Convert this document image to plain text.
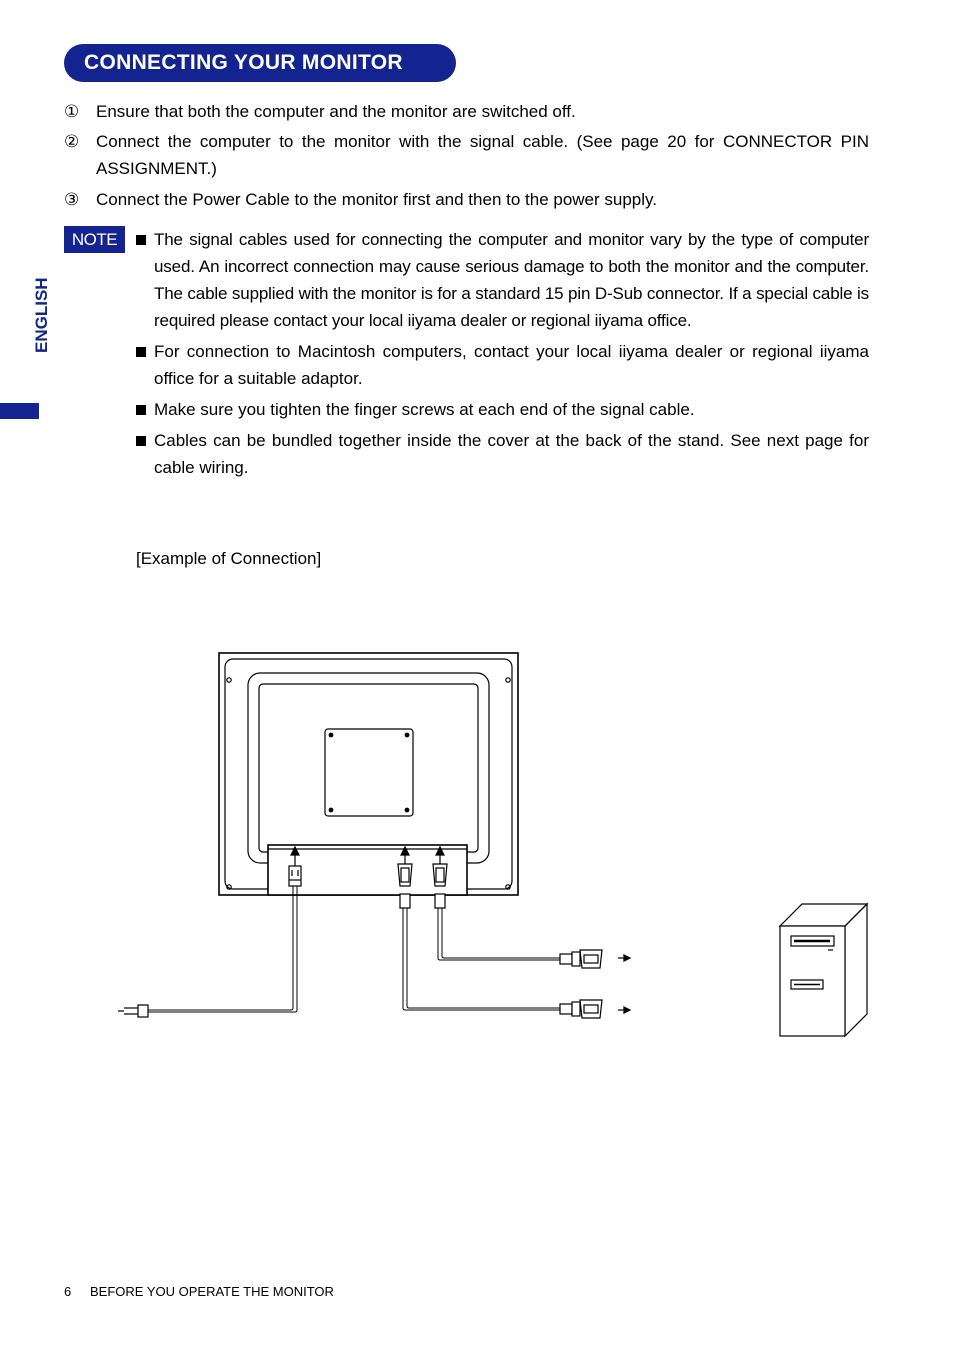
CONNECTING YOUR MONITOR
ENGLISH
① Ensure that both the computer and the monitor are switched off.
② Connect the computer to the monitor with the signal cable. (See page 20 for CONNECTOR PIN ASSIGNMENT.)
③ Connect the Power Cable to the monitor first and then to the power supply.
NOTE	The signal cables used for connecting the computer and monitor vary by the type of computer used. An incorrect connection may cause serious damage to both the monitor and the computer. The cable supplied with the monitor is for a standard 15 pin D-Sub connector. If a special cable is required please contact your local iiyama dealer or regional iiyama office.
For connection to Macintosh computers, contact your local iiyama dealer or regional iiyama office for a suitable adaptor.
Make sure you tighten the finger screws at each end of the signal cable.
Cables can be bundled together inside the cover at the back of the stand. See next page for cable wiring.
[Example of Connection]
6 BEFORE YOU OPERATE THE MONITOR
